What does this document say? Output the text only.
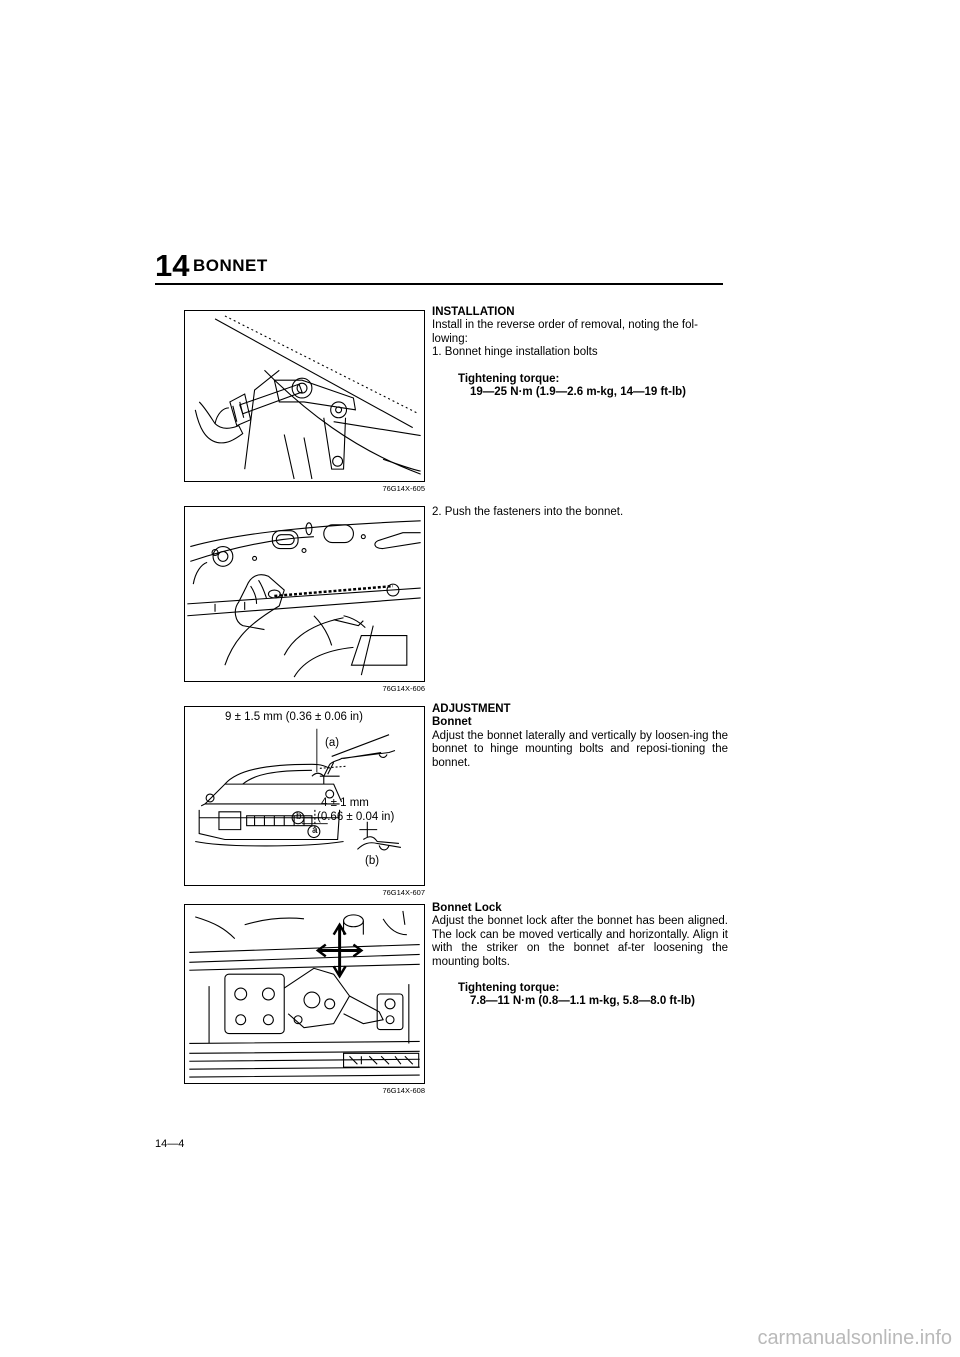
14 BONNET
76G14X-605
76G14X-606
9 ± 1.5 mm (0.36 ± 0.06 in)
(a)
4 ± 1 mm
(0.66 ± 0.04 in)
b
a
(b)
76G14X-607
76G14X-608

INSTALLATION

Install in the reverse order of removal, noting the fol-lowing:

1. Bonnet hinge installation bolts

Tightening torque:

19—25 N·m (1.9—2.6 m-kg, 14—19 ft-lb)

2. Push the fasteners into the bonnet.

ADJUSTMENT

Bonnet

Adjust the bonnet laterally and vertically by loosen-ing the bonnet to hinge mounting bolts and reposi-tioning the bonnet.

Bonnet Lock

Adjust the bonnet lock after the bonnet has been aligned. The lock can be moved vertically and horizontally. Align it with the striker on the bonnet af-ter loosening the mounting bolts.

Tightening torque:

7.8—11 N·m (0.8—1.1 m-kg, 5.8—8.0 ft-lb)

14—4
carmanualsonline.info
